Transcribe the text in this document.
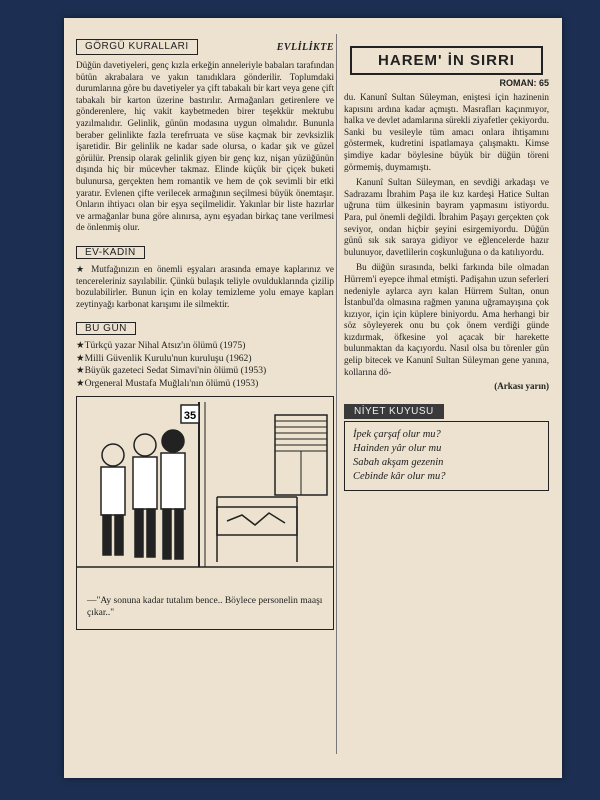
GÖRGÜ KURALLARI	EVLİLİKTE

Düğün davetiyeleri, genç kızla erkeğin anneleriyle babaları tarafından bütün akrabalara ve yakın tanıdıklara gönderilir. Toplumdaki durumlarına göre bu davetiyeler ya çift tabakalı bir kart veya gene çift tabakalı bir karton üzerine bastırılır. Armağanları getirenlere ve gönderenlere, hiç vakit kaybetmeden birer teşekkür mektubu yazılmalıdır. Gelinlik, günün modasına uygun olmalıdır. Bununla beraber gelinlikte fazla terefrruata ve süse kaçmak bir zevksizlik işaretidir. Bir gelinlik ne kadar sade olursa, o kadar şık ve güzel görülür. Prensip olarak gelinlik giyen bir genç kız, nişan yüzüğünün dışında hiç bir mücevher takmaz. Elinde küçük bir çiçek buketi bulunursa, gerçekten hem romantik ve hem de çok sevimli bir etki yaratır. Evlenen çifte verilecek armağının seçilmesi büyük önemtaşır. Onların ihtiyacı olan bir eşya seçilmelidir. Yakınlar bir liste hazırlar ve armağanlar buna göre alınırsa, aynı eşyadan birkaç tane verilmesi de önlenmiş olur.

EV-KADIN

★ Mutfağınızın en önemli eşyaları arasında emaye kaplarınız ve tencereleriniz sayılabilir. Çünkü bulaşık teliyle ovulduklarında çizilip bozulabilirler. Bunun için en kolay temizleme yolu emaye kapları zeytinyağı karbonat karışımı ile silmektir.

BU GÜN
★ Türkçü yazar Nihal Atsız'ın ölümü (1975)
★ Milli Güvenlik Kurulu'nun kuruluşu (1962)
★ Büyük gazeteci Sedat Simavi'nin ölümü (1953)
★ Orgeneral Mustafa Muğlalı'nın ölümü (1953)
35
—"Ay sonuna kadar tutalım bence.. Böylece personelin maaşı çıkar.."
HAREM' İN SIRRI
ROMAN: 65

du. Kanunî Sultan Süleyman, eniştesi için hazinenin kapısını ardına kadar açmıştı. Masrafları kaçınmıyor, halka ve devlet adamlarına sürekli ziyafetler çekiyordu. Sanki bu vesileyle tüm amacı onlara ihtişamını göstermek, kudretini ispatlamaya çalışmaktı. Kimse şimdiye kadar böylesine büyük bir düğün töreni görmemiş, duymamıştı.

Kanunî Sultan Süleyman, en sevdiği arkadaşı ve Sadrazamı İbrahim Paşa ile kız kardeşi Hatice Sultan uğruna tüm ülkesinin bayram yapmasını istiyordu. Para, pul önemli değildi. İbrahim Paşayı gerçekten çok seviyor, ondan hiçbir şeyini esirgemiyordu. Düğün günü sık sık saraya gidiyor ve eğlencelerde hazır bulunuyor, davetlilerin coşkunluğuna o da katılıyordu.

Bu düğün sırasında, belki farkında bile olmadan Hürrem'i eyepce ihmal etmişti. Padişahın uzun seferleri nedeniyle aylarca ayrı kalan Hürrem Sultan, onun İstanbul'da olmasına rağmen yanına uğramayışına çok kızıyor, için için küplere biniyordu. Ama herhangi bir söz söyleyerek onu bu çok önem verdiği günde kızdırmak, öfkesine yol açacak bir harekette bulunmaktan da kaçıyordu. Nasıl olsa bu törenler gün gelip bitecek ve Kanunî Sultan Süleyman gene yanına, kollarına dö-

(Arkası yarın)
NİYET KUYUSU
İpek çarşaf olur mu?
Hainden yâr olur mu
Sabah akşam gezenin
Cebinde kâr olur mu?
